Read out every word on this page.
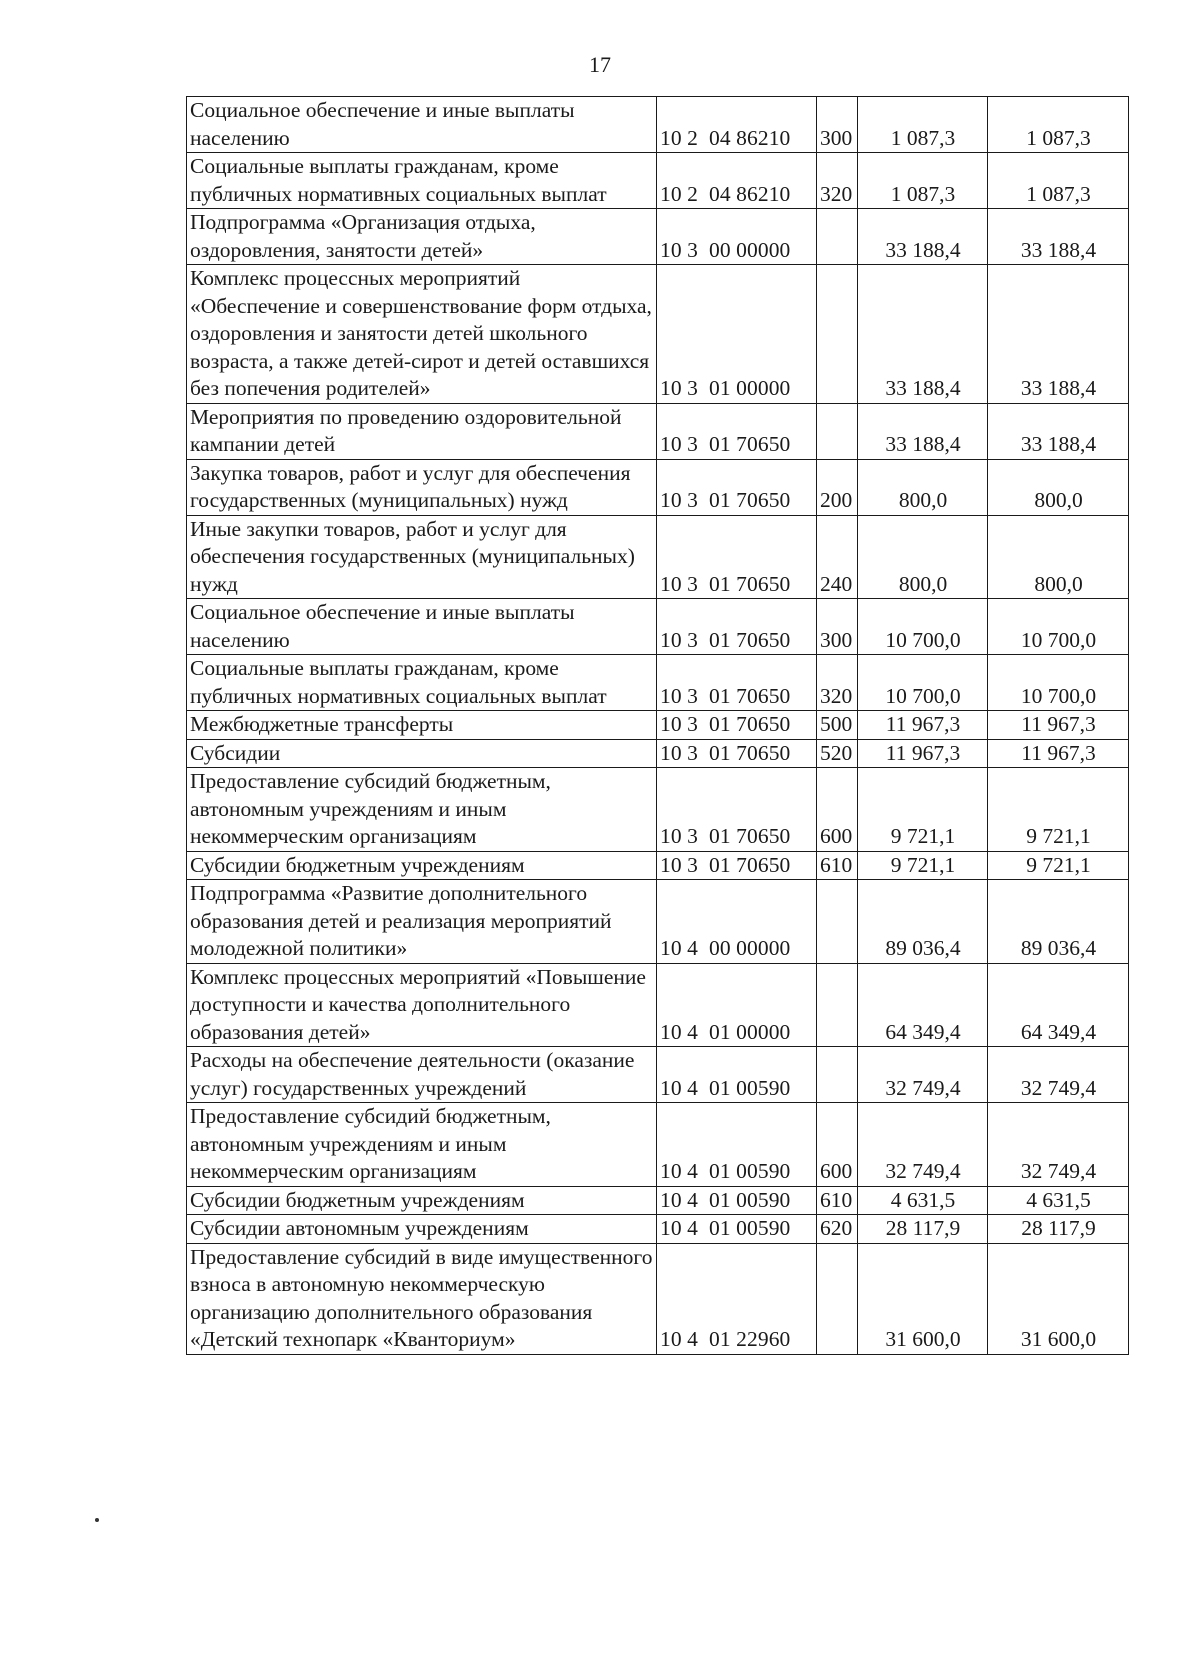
17
Социальное обеспечение и иные выплаты населению	10 2  04 86210	300	1 087,3	1 087,3
Социальные выплаты гражданам, кроме публичных нормативных социальных выплат	10 2  04 86210	320	1 087,3	1 087,3
Подпрограмма «Организация отдыха, оздоровления, занятости детей»	10 3  00 00000		33 188,4	33 188,4
Комплекс процессных мероприятий «Обеспечение и совершенствование форм отдыха, оздоровления и занятости детей школьного возраста, а также детей-сирот и детей оставшихся без попечения родителей»	10 3  01 00000		33 188,4	33 188,4
Мероприятия по проведению оздоровительной кампании детей	10 3  01 70650		33 188,4	33 188,4
Закупка товаров, работ и услуг для обеспечения государственных (муниципальных) нужд	10 3  01 70650	200	800,0	800,0
Иные закупки товаров, работ и услуг для обеспечения государственных (муниципальных) нужд	10 3  01 70650	240	800,0	800,0
Социальное обеспечение и иные выплаты населению	10 3  01 70650	300	10 700,0	10 700,0
Социальные выплаты гражданам, кроме публичных нормативных социальных выплат	10 3  01 70650	320	10 700,0	10 700,0
Межбюджетные трансферты	10 3  01 70650	500	11 967,3	11 967,3
Субсидии	10 3  01 70650	520	11 967,3	11 967,3
Предоставление субсидий бюджетным, автономным учреждениям и иным некоммерческим организациям	10 3  01 70650	600	9 721,1	9 721,1
Субсидии бюджетным учреждениям	10 3  01 70650	610	9 721,1	9 721,1
Подпрограмма «Развитие дополнительного образования детей и реализация мероприятий молодежной политики»	10 4  00 00000		89 036,4	89 036,4
Комплекс процессных мероприятий «Повышение доступности и качества дополнительного образования детей»	10 4  01 00000		64 349,4	64 349,4
Расходы на обеспечение деятельности (оказание услуг) государственных учреждений	10 4  01 00590		32 749,4	32 749,4
Предоставление субсидий бюджетным, автономным учреждениям и иным некоммерческим организациям	10 4  01 00590	600	32 749,4	32 749,4
Субсидии бюджетным учреждениям	10 4  01 00590	610	4 631,5	4 631,5
Субсидии автономным учреждениям	10 4  01 00590	620	28 117,9	28 117,9
Предоставление субсидий в виде имущественного взноса в автономную некоммерческую организацию дополнительного образования «Детский технопарк «Кванториум»	10 4  01 22960		31 600,0	31 600,0
